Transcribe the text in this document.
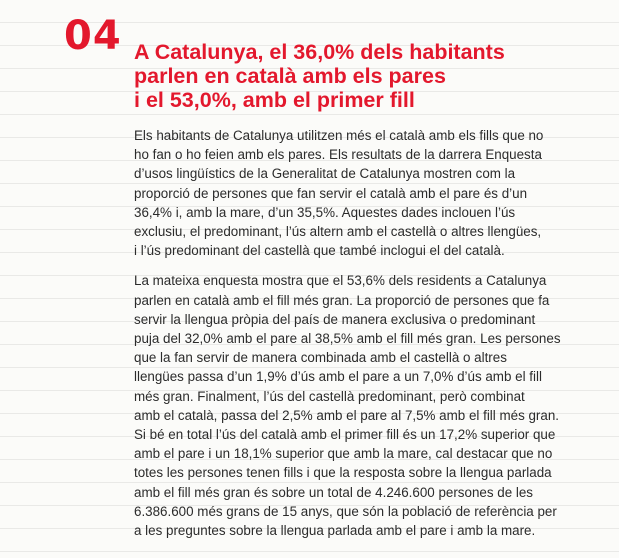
04 A Catalunya, el 36,0% dels habitants
parlen en català amb els pares
i el 53,0%, amb el primer fill

Els habitants de Catalunya utilitzen més el català amb els fills que no
ho fan o ho feien amb els pares. Els resultats de la darrera Enquesta
d’usos lingüístics de la Generalitat de Catalunya mostren com la
proporció de persones que fan servir el català amb el pare és d’un
36,4% i, amb la mare, d’un 35,5%. Aquestes dades inclouen l’ús
exclusiu, el predominant, l’ús altern amb el castellà o altres llengües,
i l’ús predominant del castellà que també inclogui el del català.

La mateixa enquesta mostra que el 53,6% dels residents a Catalunya
parlen en català amb el fill més gran. La proporció de persones que fa
servir la llengua pròpia del país de manera exclusiva o predominant
puja del 32,0% amb el pare al 38,5% amb el fill més gran. Les persones
que la fan servir de manera combinada amb el castellà o altres
llengües passa d’un 1,9% d’ús amb el pare a un 7,0% d’ús amb el fill
més gran. Finalment, l’ús del castellà predominant, però combinat
amb el català, passa del 2,5% amb el pare al 7,5% amb el fill més gran.
Si bé en total l’ús del català amb el primer fill és un 17,2% superior que
amb el pare i un 18,1% superior que amb la mare, cal destacar que no
totes les persones tenen fills i que la resposta sobre la llengua parlada
amb el fill més gran és sobre un total de 4.246.600 persones de les
6.386.600 més grans de 15 anys, que són la població de referència per
a les preguntes sobre la llengua parlada amb el pare i amb la mare.
